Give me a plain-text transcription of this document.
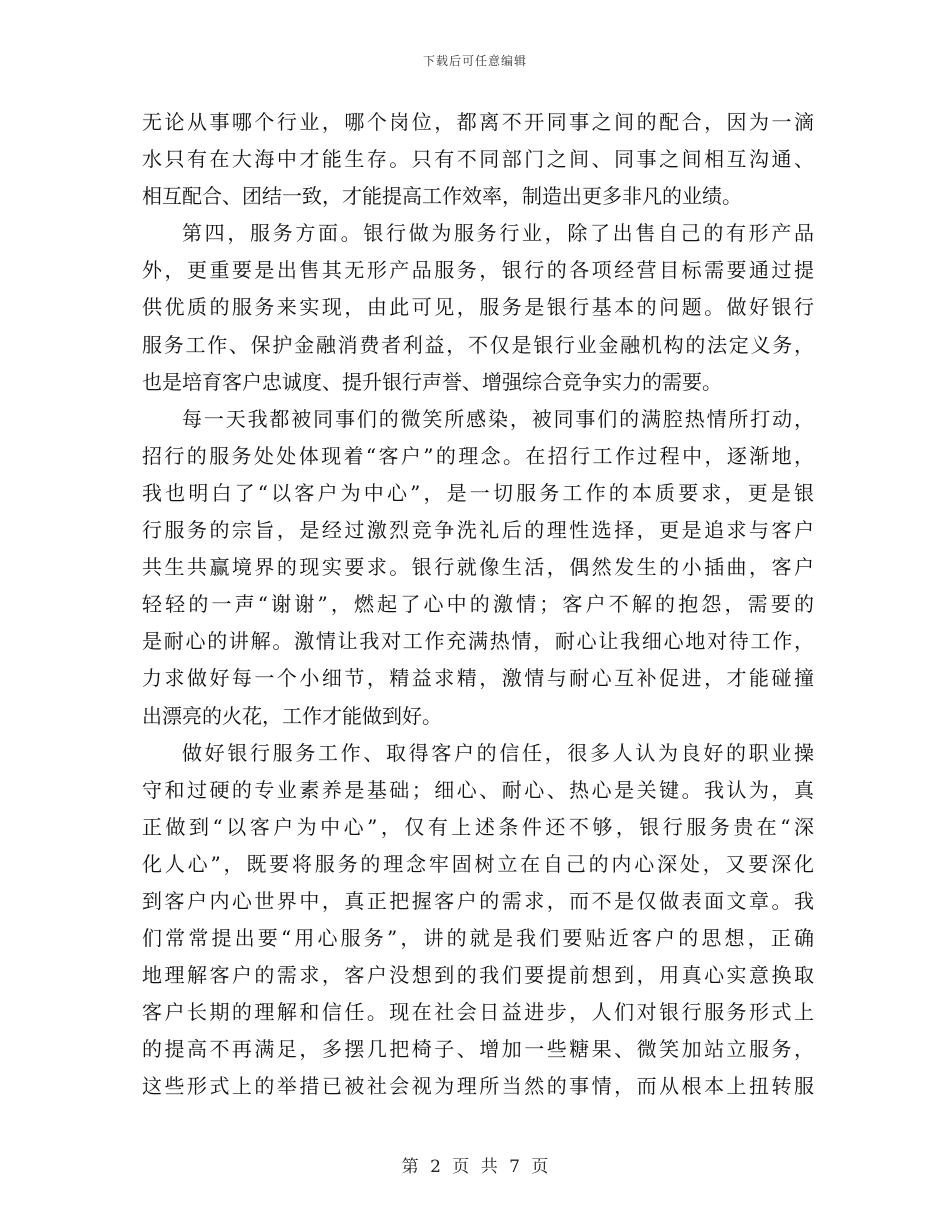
下载后可任意编辑
无论从事哪个行业，哪个岗位，都离不开同事之间的配合，因为一滴
水只有在大海中才能生存。只有不同部门之间、同事之间相互沟通、
相互配合、团结一致，才能提高工作效率，制造出更多非凡的业绩。
第四，服务方面。银行做为服务行业，除了出售自己的有形产品
外，更重要是出售其无形产品服务，银行的各项经营目标需要通过提
供优质的服务来实现，由此可见，服务是银行基本的问题。做好银行
服务工作、保护金融消费者利益，不仅是银行业金融机构的法定义务，
也是培育客户忠诚度、提升银行声誉、增强综合竞争实力的需要。
每一天我都被同事们的微笑所感染，被同事们的满腔热情所打动，
招行的服务处处体现着“客户”的理念。在招行工作过程中，逐渐地，
我也明白了“以客户为中心”，是一切服务工作的本质要求，更是银
行服务的宗旨，是经过激烈竞争洗礼后的理性选择，更是追求与客户
共生共赢境界的现实要求。银行就像生活，偶然发生的小插曲，客户
轻轻的一声“谢谢”，燃起了心中的激情；客户不解的抱怨，需要的
是耐心的讲解。激情让我对工作充满热情，耐心让我细心地对待工作，
力求做好每一个小细节，精益求精，激情与耐心互补促进，才能碰撞
出漂亮的火花，工作才能做到好。
做好银行服务工作、取得客户的信任，很多人认为良好的职业操
守和过硬的专业素养是基础；细心、耐心、热心是关键。我认为，真
正做到“以客户为中心”，仅有上述条件还不够，银行服务贵在“深
化人心”，既要将服务的理念牢固树立在自己的内心深处，又要深化
到客户内心世界中，真正把握客户的需求，而不是仅做表面文章。我
们常常提出要“用心服务”，讲的就是我们要贴近客户的思想，正确
地理解客户的需求，客户没想到的我们要提前想到，用真心实意换取
客户长期的理解和信任。现在社会日益进步，人们对银行服务形式上
的提高不再满足，多摆几把椅子、增加一些糖果、微笑加站立服务，
这些形式上的举措已被社会视为理所当然的事情，而从根本上扭转服
第 2 页 共 7 页
